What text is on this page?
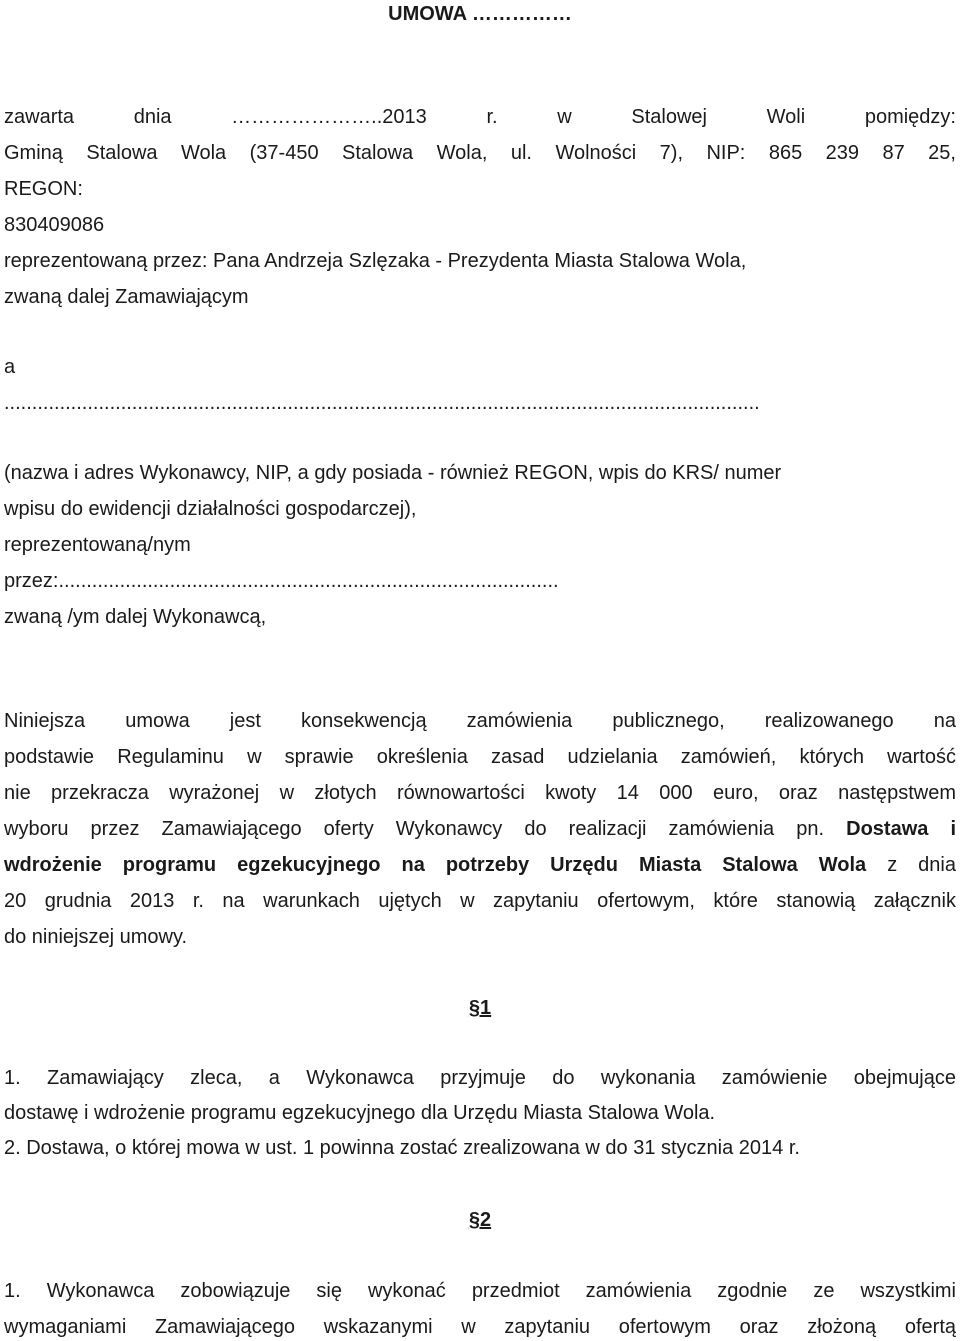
UMOWA ……………
zawarta dnia …………………..2013 r. w Stalowej Woli pomiędzy:
Gminą Stalowa Wola (37-450 Stalowa Wola, ul. Wolności 7), NIP: 865 239 87 25,
REGON:
830409086
reprezentowaną przez: Pana Andrzeja Szlęzaka - Prezydenta Miasta Stalowa Wola,
zwaną dalej Zamawiającym
a
........................................................................................................................................
(nazwa i adres Wykonawcy, NIP, a gdy posiada - również REGON, wpis do KRS/ numer
wpisu do ewidencji działalności gospodarczej),
reprezentowaną/nym
przez:..........................................................................................
zwaną /ym dalej Wykonawcą,
Niniejsza umowa jest konsekwencją zamówienia publicznego, realizowanego na
podstawie Regulaminu w sprawie określenia zasad udzielania zamówień, których wartość
nie przekracza wyrażonej w złotych równowartości kwoty 14 000 euro, oraz następstwem
wyboru przez Zamawiającego oferty Wykonawcy do realizacji zamówienia pn. Dostawa i
wdrożenie programu egzekucyjnego na potrzeby Urzędu Miasta Stalowa Wola z dnia
20 grudnia 2013 r. na warunkach ujętych w zapytaniu ofertowym, które stanowią załącznik
do niniejszej umowy.
§1
1. Zamawiający zleca, a Wykonawca przyjmuje do wykonania zamówienie obejmujące
dostawę i wdrożenie programu egzekucyjnego dla Urzędu Miasta Stalowa Wola.
2. Dostawa, o której mowa w ust. 1 powinna zostać zrealizowana w do 31 stycznia 2014 r.
§2
1. Wykonawca zobowiązuje się wykonać przedmiot zamówienia zgodnie ze wszystkimi
wymaganiami Zamawiającego wskazanymi w zapytaniu ofertowym oraz złożoną ofertą
